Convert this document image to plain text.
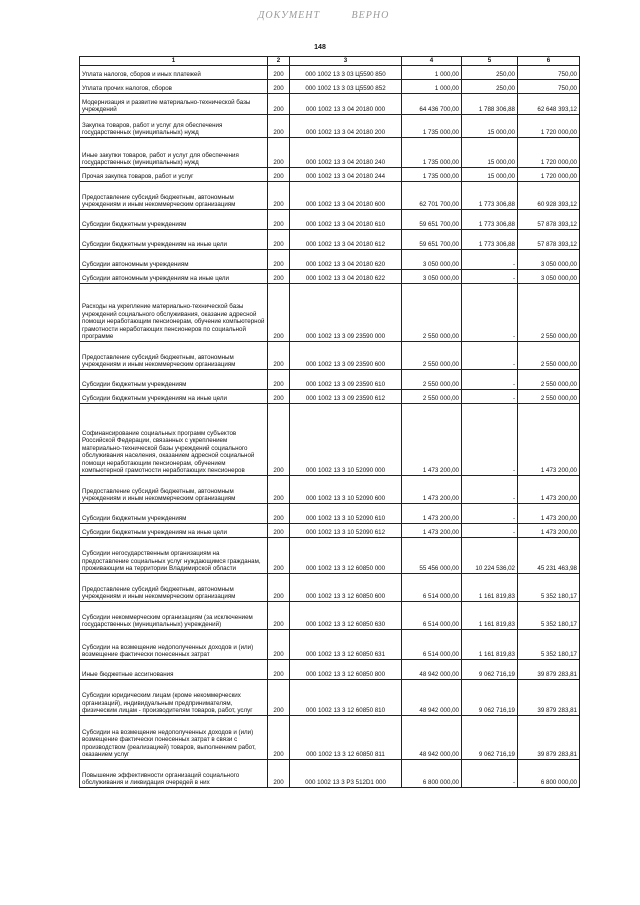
ДОКУМЕНТ	ВЕРНО
148
1	2	3	4	5	6
Уплата налогов, сборов и иных платежей	200	000 1002 13 3 03 Ц5590 850	1 000,00	250,00	750,00
Уплата прочих налогов, сборов	200	000 1002 13 3 03 Ц5590 852	1 000,00	250,00	750,00
Модернизация и развитие материально-технической базы учреждений	200	000 1002 13 3 04 20180 000	64 436 700,00	1 788 306,88	62 648 393,12
Закупка товаров, работ и услуг для обеспечения государственных (муниципальных) нужд	200	000 1002 13 3 04 20180 200	1 735 000,00	15 000,00	1 720 000,00
Иные закупки товаров, работ и услуг для обеспечения государственных (муниципальных) нужд	200	000 1002 13 3 04 20180 240	1 735 000,00	15 000,00	1 720 000,00
Прочая закупка товаров, работ и услуг	200	000 1002 13 3 04 20180 244	1 735 000,00	15 000,00	1 720 000,00
Предоставление субсидий бюджетным, автономным учреждениям и иным некоммерческим организациям	200	000 1002 13 3 04 20180 600	62 701 700,00	1 773 306,88	60 928 393,12
Субсидии бюджетным учреждениям	200	000 1002 13 3 04 20180 610	59 651 700,00	1 773 306,88	57 878 393,12
Субсидии бюджетным учреждениям на иные цели	200	000 1002 13 3 04 20180 612	59 651 700,00	1 773 306,88	57 878 393,12
Субсидии автономным учреждениям	200	000 1002 13 3 04 20180 620	3 050 000,00	-	3 050 000,00
Субсидии автономным учреждениям на иные цели	200	000 1002 13 3 04 20180 622	3 050 000,00	-	3 050 000,00
Расходы на укрепление материально-технической базы учреждений социального обслуживания, оказание адресной помощи неработающим пенсионерам, обучение компьютерной грамотности неработающих пенсионеров по социальной программе	200	000 1002 13 3 09 23590 000	2 550 000,00	-	2 550 000,00
Предоставление субсидий бюджетным, автономным учреждениям и иным некоммерческим организациям	200	000 1002 13 3 09 23590 600	2 550 000,00	-	2 550 000,00
Субсидии бюджетным учреждениям	200	000 1002 13 3 09 23590 610	2 550 000,00	-	2 550 000,00
Субсидии бюджетным учреждениям на иные цели	200	000 1002 13 3 09 23590 612	2 550 000,00	-	2 550 000,00
Софинансирование социальных программ субъектов Российской Федерации, связанных с укреплением материально-технической базы учреждений социального обслуживания населения, оказанием адресной социальной помощи неработающим пенсионерам, обучением компьютерной грамотности неработающих пенсионеров	200	000 1002 13 3 10 52090 000	1 473 200,00	-	1 473 200,00
Предоставление субсидий бюджетным, автономным учреждениям и иным некоммерческим организациям	200	000 1002 13 3 10 52090 600	1 473 200,00	-	1 473 200,00
Субсидии бюджетным учреждениям	200	000 1002 13 3 10 52090 610	1 473 200,00	-	1 473 200,00
Субсидии бюджетным учреждениям на иные цели	200	000 1002 13 3 10 52090 612	1 473 200,00	-	1 473 200,00
Субсидии негосударственным организациям на предоставление социальных услуг нуждающимся гражданам, проживающим на территории Владимирской области	200	000 1002 13 3 12 60850 000	55 456 000,00	10 224 536,02	45 231 463,98
Предоставление субсидий бюджетным, автономным учреждениям и иным некоммерческим организациям	200	000 1002 13 3 12 60850 600	6 514 000,00	1 161 819,83	5 352 180,17
Субсидии некоммерческим организациям (за исключением государственных (муниципальных) учреждений)	200	000 1002 13 3 12 60850 630	6 514 000,00	1 161 819,83	5 352 180,17
Субсидии на возмещение недополученных доходов и (или) возмещение фактически понесенных затрат	200	000 1002 13 3 12 60850 631	6 514 000,00	1 161 819,83	5 352 180,17
Иные бюджетные ассигнования	200	000 1002 13 3 12 60850 800	48 942 000,00	9 062 716,19	39 879 283,81
Субсидии юридическим лицам (кроме некоммерческих организаций), индивидуальным предпринимателям, физическим лицам - производителям товаров, работ, услуг	200	000 1002 13 3 12 60850 810	48 942 000,00	9 062 716,19	39 879 283,81
Субсидии на возмещение недополученных доходов и (или) возмещение фактически понесенных затрат в связи с производством (реализацией) товаров, выполнением работ, оказанием услуг	200	000 1002 13 3 12 60850 811	48 942 000,00	9 062 716,19	39 879 283,81
Повышение эффективности организаций социального обслуживания и ликвидация очередей в них	200	000 1002 13 3 P3 512D1 000	6 800 000,00	-	6 800 000,00
